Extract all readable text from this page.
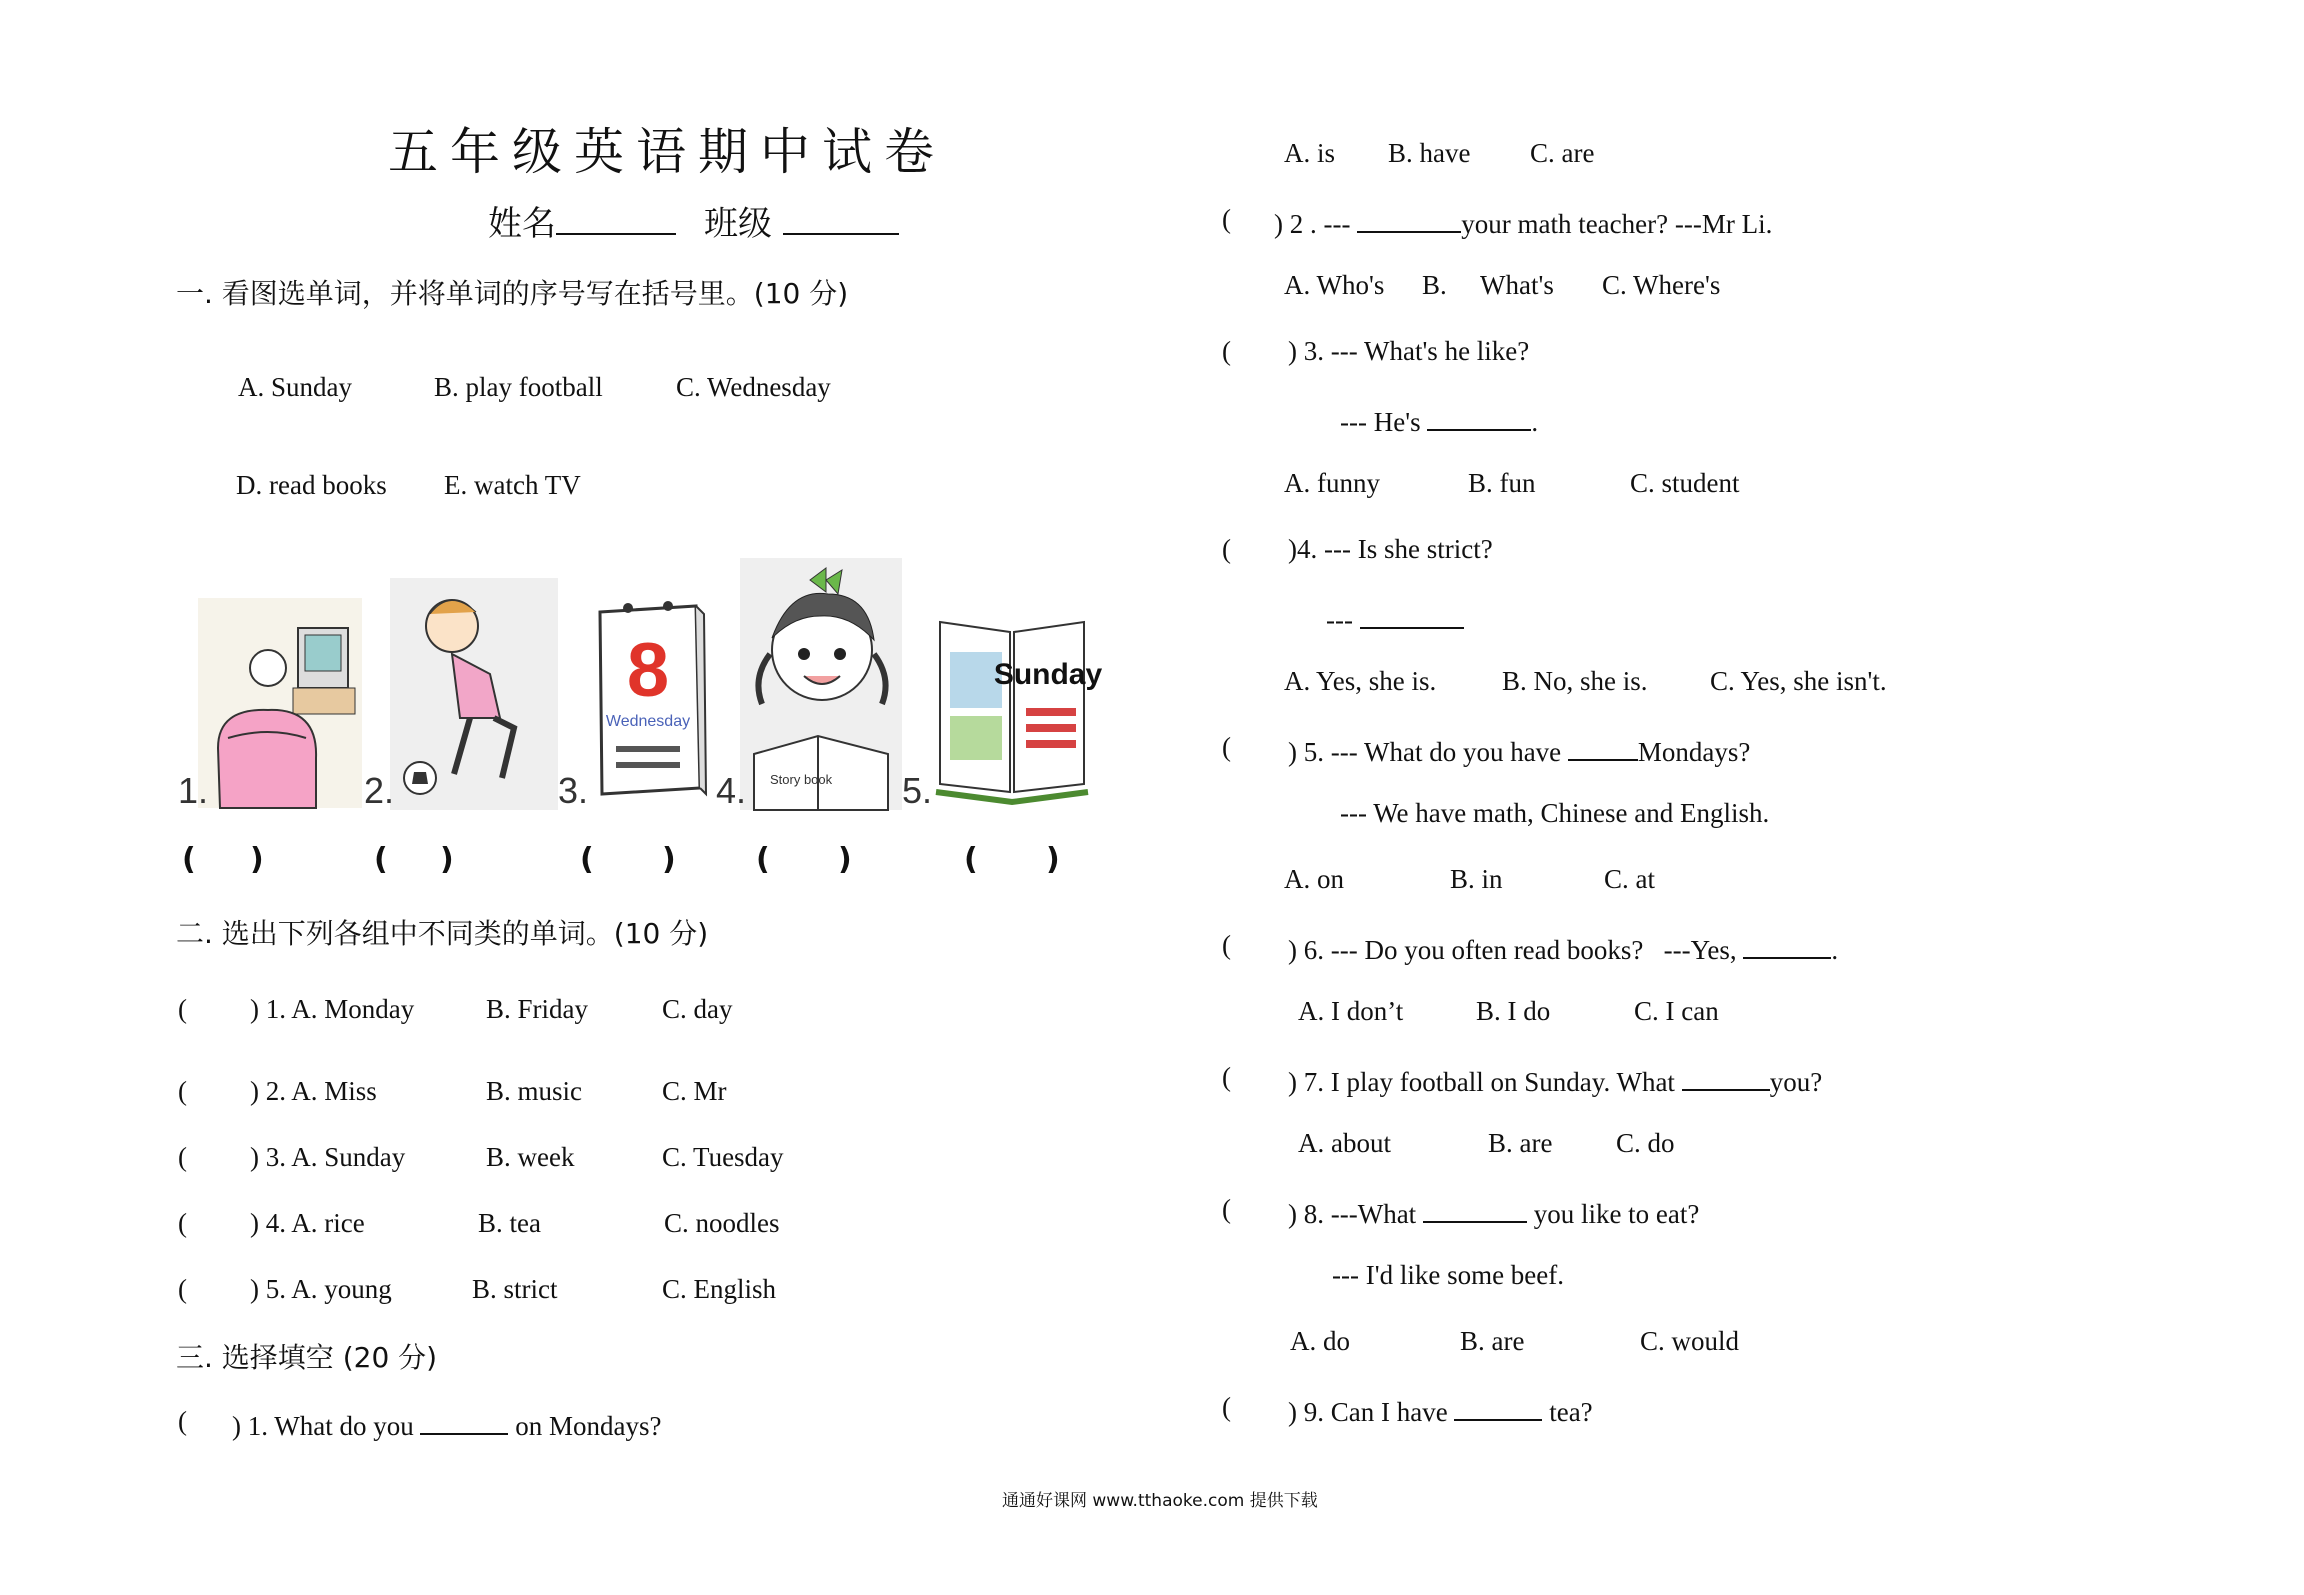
五年级英语期中试卷
姓名	班级
一. 看图选单词，并将单词的序号写在括号里。(10 分)
A. Sunday	B. play football	C. Wednesday
D. read books E. watch TV
1.	2.
8
Wednesday
3.	Story book
4.
Sunday
5.
( )	( )	( )	( )	( )
二. 选出下列各组中不同类的单词。(10 分)
( ) 1. A. Monday	B. Friday	C. day
( ) 2. A. Miss	B. music	C. Mr
( ) 3. A. Sunday	B. week	C. Tuesday
( ) 4. A. rice	B. tea	C. noodles
( ) 5. A. young	B. strict	C. English
三. 选择填空 (20 分)
( ) 1. What do you	on Mondays?
A. is B. have C. are
( ) 2 . ---	your math teacher? ---Mr Li.
A. Who's B. What's C. Where's
( ) 3. --- What's he like?
--- He's	.
A. funny	B. fun	C. student
( )4. --- Is she strict?
---
A. Yes, she is. B. No, she is. C. Yes, she isn't.
( ) 5. --- What do you have	Mondays?
--- We have math, Chinese and English.
A. on	B. in	C. at
( ) 6. --- Do you often read books? ---Yes,	.
A. I don’t	B. I do	C. I can
( ) 7. I play football on Sunday. What	you?
A. about	B. are C. do
( ) 8. ---What	you like to eat?
--- I'd like some beef.
A. do	B. are	C. would
( ) 9. Can I have	tea?
通通好课网 www.tthaoke.com 提供下载
